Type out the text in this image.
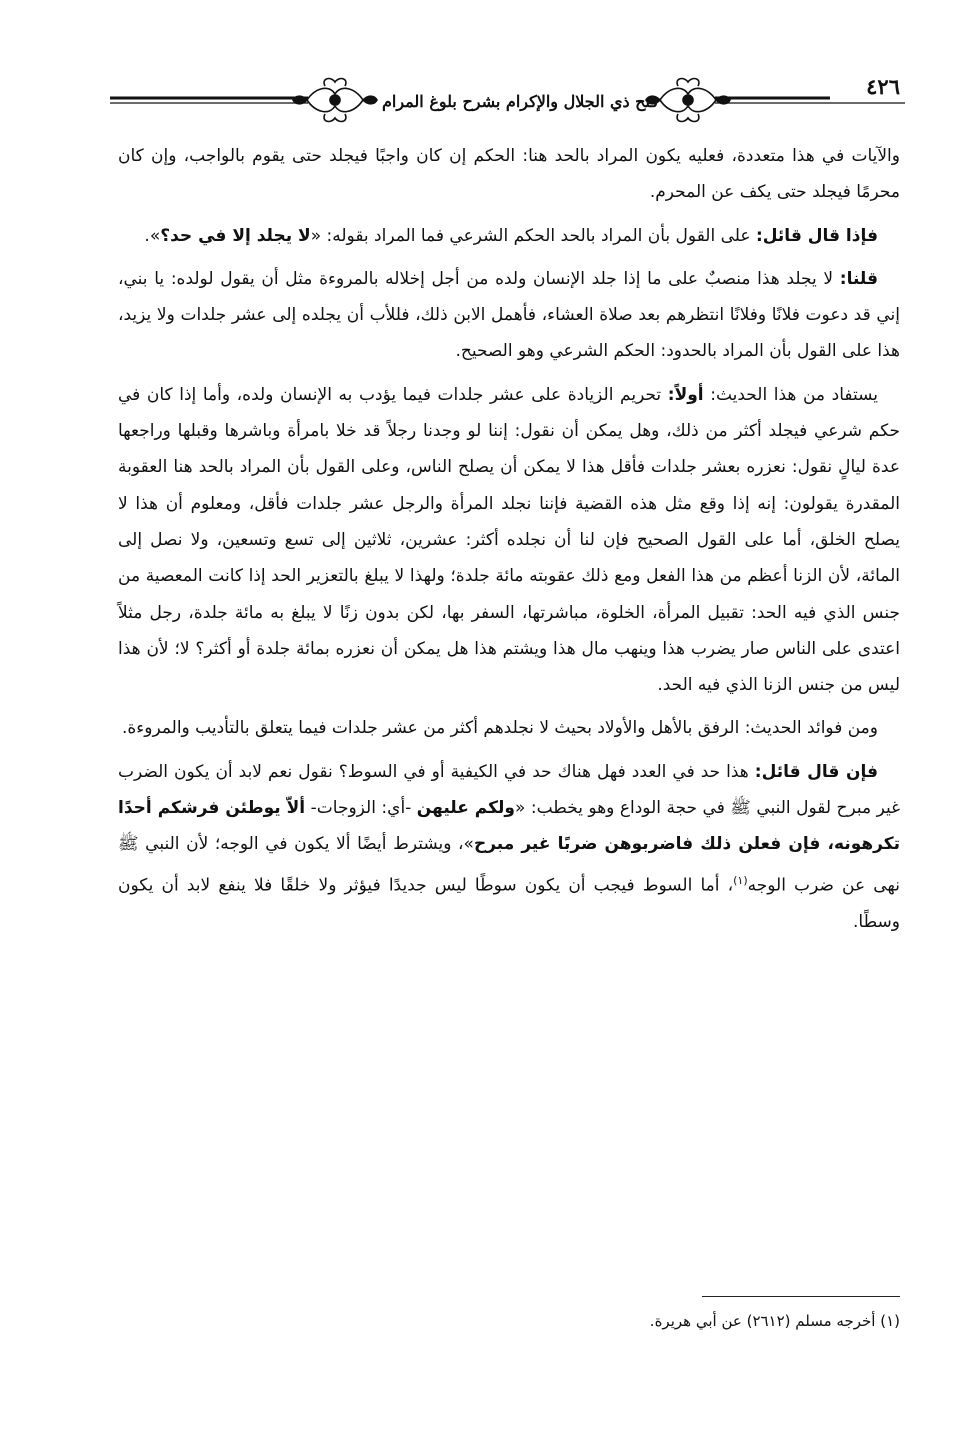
٤٢٦
فتح ذي الجلال والإكرام بشرح بلوغ المرام

والآيات في هذا متعددة، فعليه يكون المراد بالحد هنا: الحكم إن كان واجبًا فيجلد حتى يقوم بالواجب، وإن كان محرمًا فيجلد حتى يكف عن المحرم.

فإذا قال قائل: على القول بأن المراد بالحد الحكم الشرعي فما المراد بقوله: «لا يجلد إلا في حد؟».

قلنا: لا يجلد هذا منصبٌ على ما إذا جلد الإنسان ولده من أجل إخلاله بالمروءة مثل أن يقول لولده: يا بني، إني قد دعوت فلانًا وفلانًا انتظرهم بعد صلاة العشاء، فأهمل الابن ذلك، فللأب أن يجلده إلى عشر جلدات ولا يزيد، هذا على القول بأن المراد بالحدود: الحكم الشرعي وهو الصحيح.

يستفاد من هذا الحديث: أولاً: تحريم الزيادة على عشر جلدات فيما يؤدب به الإنسان ولده، وأما إذا كان في حكم شرعي فيجلد أكثر من ذلك، وهل يمكن أن نقول: إننا لو وجدنا رجلاً قد خلا بامرأة وباشرها وقبلها وراجعها عدة ليالٍ نقول: نعزره بعشر جلدات فأقل هذا لا يمكن أن يصلح الناس، وعلى القول بأن المراد بالحد هنا العقوبة المقدرة يقولون: إنه إذا وقع مثل هذه القضية فإننا نجلد المرأة والرجل عشر جلدات فأقل، ومعلوم أن هذا لا يصلح الخلق، أما على القول الصحيح فإن لنا أن نجلده أكثر: عشرين، ثلاثين إلى تسع وتسعين، ولا نصل إلى المائة، لأن الزنا أعظم من هذا الفعل ومع ذلك عقوبته مائة جلدة؛ ولهذا لا يبلغ بالتعزير الحد إذا كانت المعصية من جنس الذي فيه الحد: تقبيل المرأة، الخلوة، مباشرتها، السفر بها، لكن بدون زنًا لا يبلغ به مائة جلدة، رجل مثلاً اعتدى على الناس صار يضرب هذا وينهب مال هذا ويشتم هذا هل يمكن أن نعزره بمائة جلدة أو أكثر؟ لا؛ لأن هذا ليس من جنس الزنا الذي فيه الحد.

ومن فوائد الحديث: الرفق بالأهل والأولاد بحيث لا نجلدهم أكثر من عشر جلدات فيما يتعلق بالتأديب والمروءة.

فإن قال قائل: هذا حد في العدد فهل هناك حد في الكيفية أو في السوط؟ نقول نعم لابد أن يكون الضرب غير مبرح لقول النبي ﷺ في حجة الوداع وهو يخطب: «ولكم عليهن -أي: الزوجات- ألاّ يوطئن فرشكم أحدًا تكرهونه، فإن فعلن ذلك فاضربوهن ضربًا غير مبرح»، ويشترط أيضًا ألا يكون في الوجه؛ لأن النبي ﷺ نهى عن ضرب الوجه$^{(١)}$، أما السوط فيجب أن يكون سوطًا ليس جديدًا فيؤثر ولا خلقًا فلا ينفع لابد أن يكون وسطًا.

(١) أخرجه مسلم (٢٦١٢) عن أبي هريرة.
